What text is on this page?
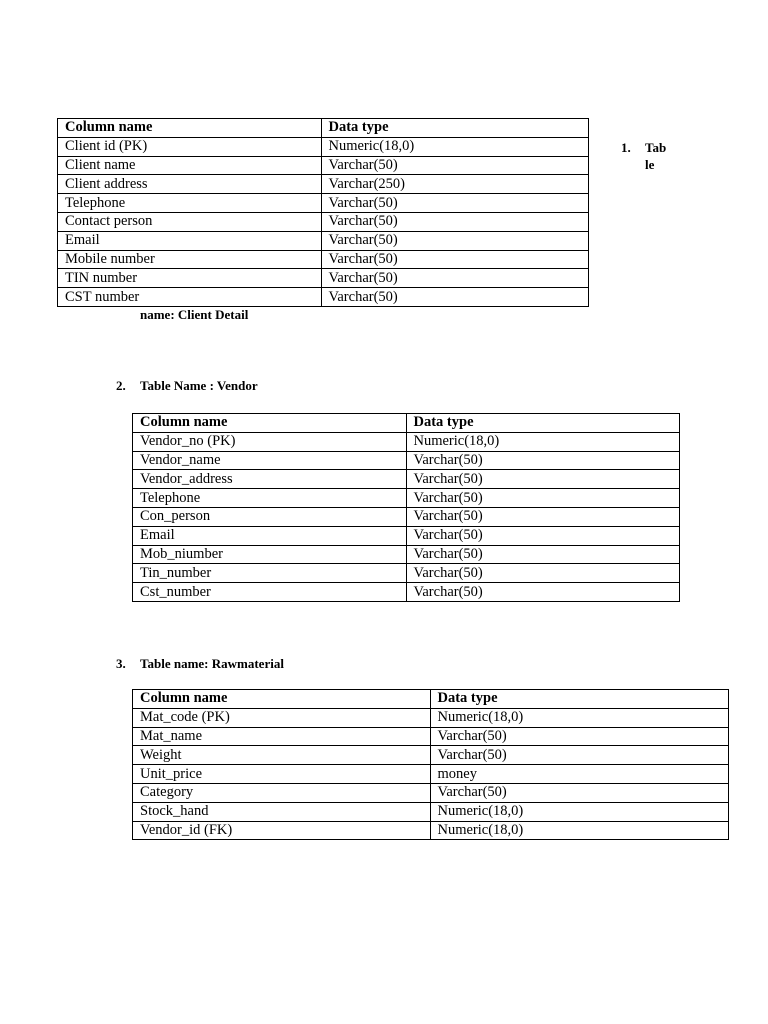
Column name	Data type
Client id (PK)	Numeric(18,0)
Client name	Varchar(50)
Client address	Varchar(250)
Telephone	Varchar(50)
Contact person	Varchar(50)
Email	Varchar(50)
Mobile number	Varchar(50)
TIN number	Varchar(50)
CST number	Varchar(50)
1. Tab
le
name: Client Detail
2. Table Name : Vendor
Column name	Data type
Vendor_no (PK)	Numeric(18,0)
Vendor_name	Varchar(50)
Vendor_address	Varchar(50)
Telephone	Varchar(50)
Con_person	Varchar(50)
Email	Varchar(50)
Mob_niumber	Varchar(50)
Tin_number	Varchar(50)
Cst_number	Varchar(50)
3. Table name: Rawmaterial
Column name	Data type
Mat_code (PK)	Numeric(18,0)
Mat_name	Varchar(50)
Weight	Varchar(50)
Unit_price	money
Category	Varchar(50)
Stock_hand	Numeric(18,0)
Vendor_id (FK)	Numeric(18,0)
